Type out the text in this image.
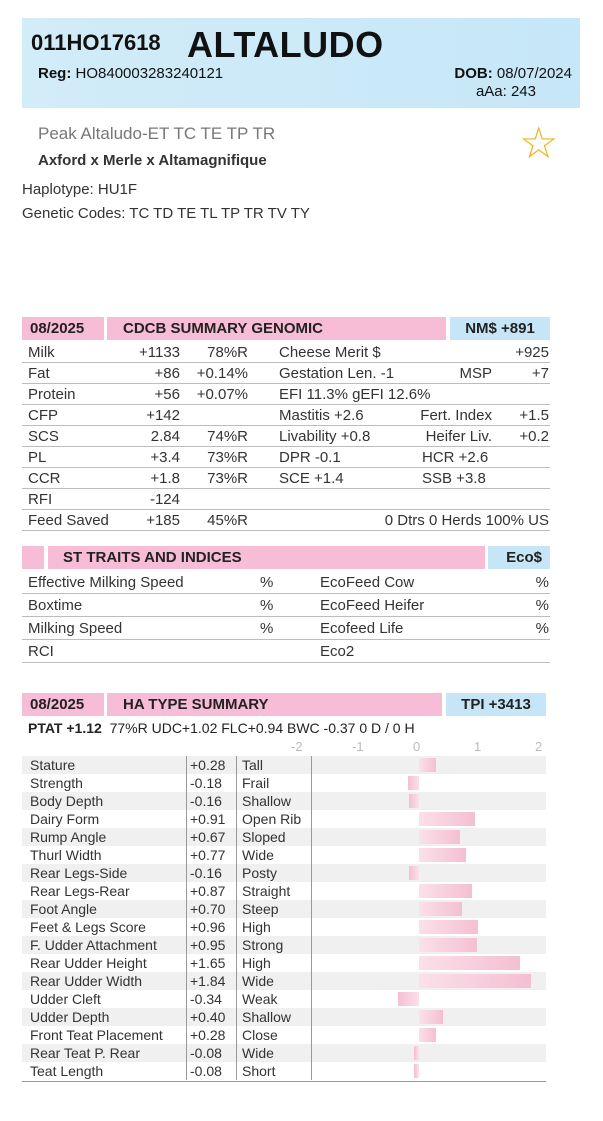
011HO17618 ALTALUDO
Reg: HO840003283240121	DOB: 08/07/2024
aAa: 243
Peak Altaludo-ET TC TE TP TR
Axford x Merle x Altamagnifique	☆
Haplotype: HU1F
Genetic Codes: TC TD TE TL TP TR TV TY
08/2025	CDCB SUMMARY GENOMIC	NM$ +891
Milk	+1133 78%R Cheese Merit $	+925
Fat	+86 +0.14% Gestation Len. -1	MSP	+7
Protein	+56 +0.07% EFI 11.3% gEFI 12.6%
CFP	+142	Mastitis +2.6	Fert. Index +1.5
SCS	2.84 74%R Livability +0.8	Heifer Liv. +0.2
PL	+3.4 73%R DPR -0.1	HCR +2.6
CCR	+1.8 73%R SCE +1.4	SSB +3.8
RFI	-124
Feed Saved +185 45%R	0 Dtrs 0 Herds 100% US
ST TRAITS AND INDICES	Eco$
Effective Milking Speed	%	EcoFeed Cow	%
Boxtime	%	EcoFeed Heifer	%
Milking Speed	%	Ecofeed Life	%
RCI	Eco2
08/2025	HA TYPE SUMMARY	TPI +3413
PTAT +1.12 77%R UDC+1.02 FLC+0.94 BWC -0.37 0 D / 0 H
-2	-1	0	1	2
Stature	+0.28 Tall
Strength	-0.18 Frail
Body Depth	-0.16 Shallow
Dairy Form	+0.91 Open Rib
Rump Angle	+0.67 Sloped
Thurl Width	+0.77 Wide
Rear Legs-Side	-0.16 Posty
Rear Legs-Rear	+0.87 Straight
Foot Angle	+0.70 Steep
Feet & Legs Score	+0.96 High
F. Udder Attachment +0.95 Strong
Rear Udder Height	+1.65 High
Rear Udder Width	+1.84 Wide
Udder Cleft	-0.34 Weak
Udder Depth	+0.40 Shallow
Front Teat Placement +0.28 Close
Rear Teat P. Rear	-0.08 Wide
Teat Length	-0.08 Short
